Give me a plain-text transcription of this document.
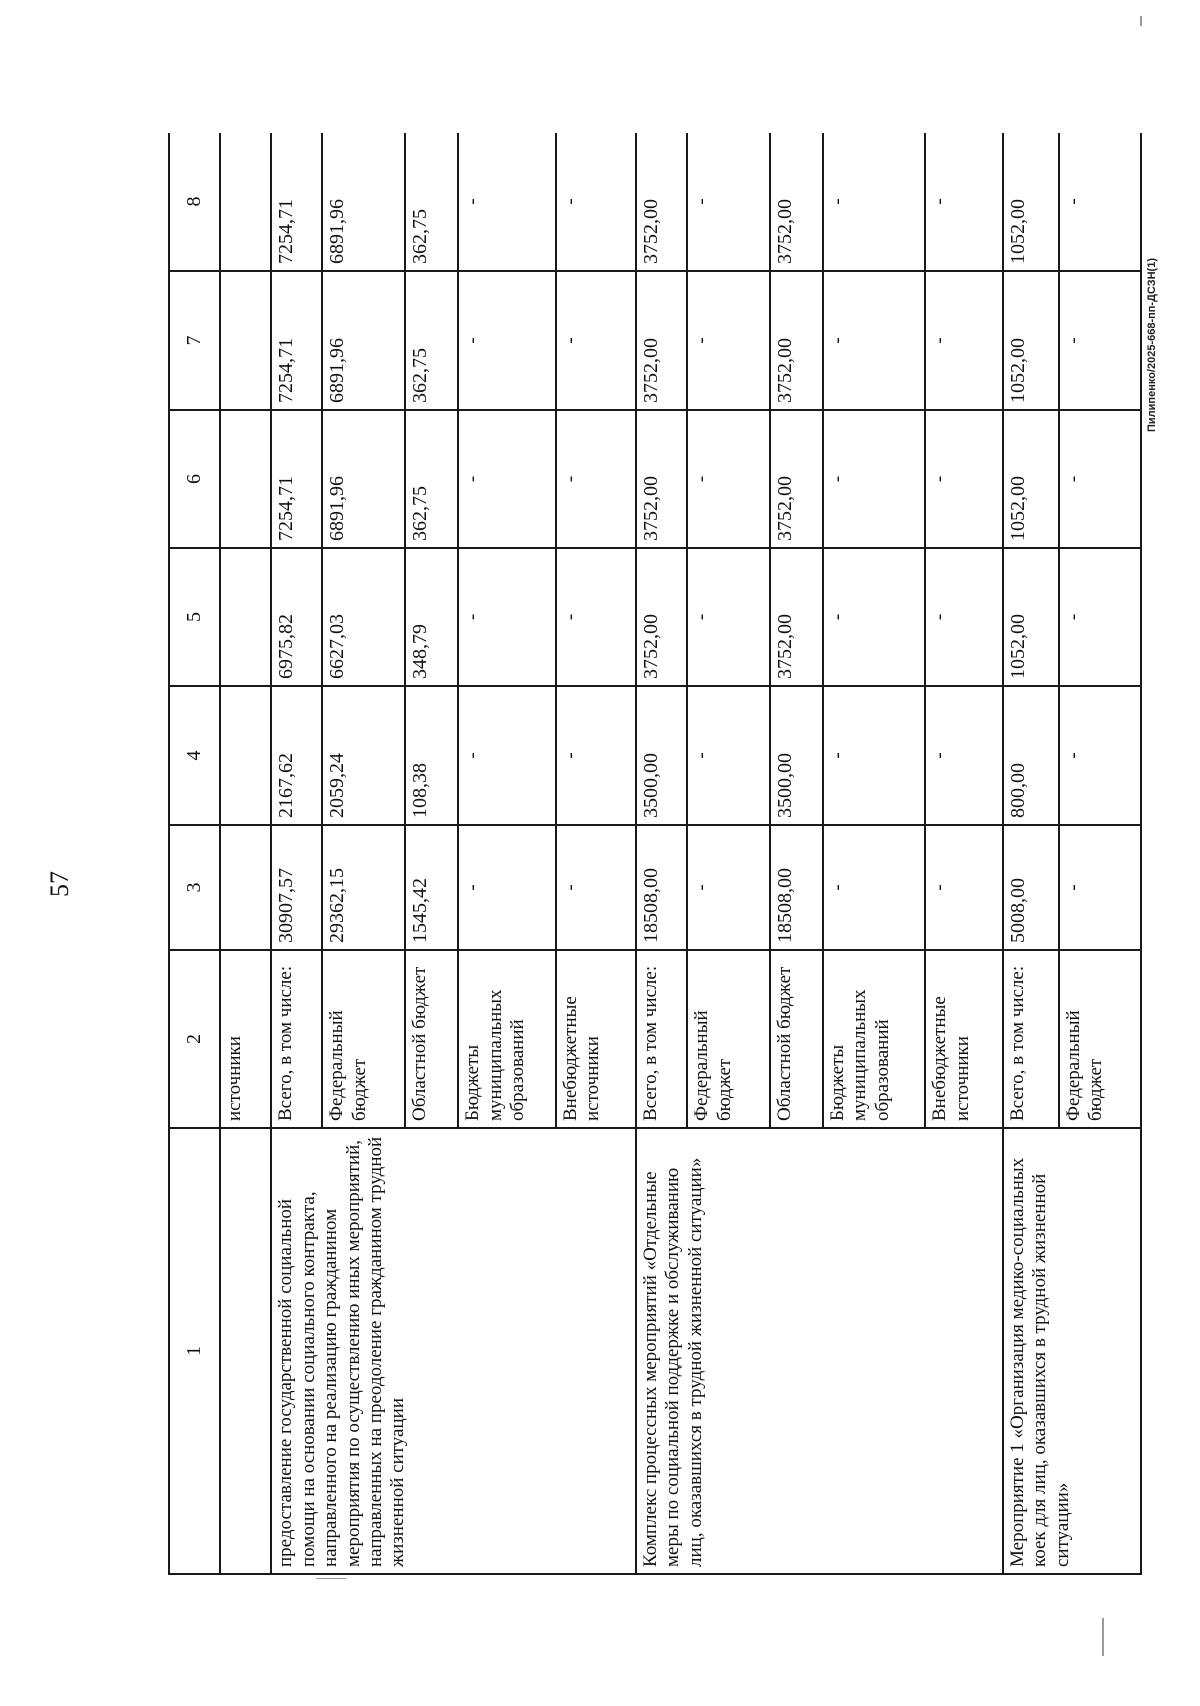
57
Пилипенко/2025-668-пп-ДСЗН(1)
1	2	3	4	5	6	7	8
	источники						
предоставление государственной социальной помощи на основании социального контракта, направленного на реализацию гражданином мероприятия по осуществлению иных мероприятий, направленных на преодоление гражданином трудной жизненной ситуации	Всего, в том числе:	30907,57	2167,62	6975,82	7254,71	7254,71	7254,71
	Федеральный бюджет	29362,15	2059,24	6627,03	6891,96	6891,96	6891,96
	Областной бюджет	1545,42	108,38	348,79	362,75	362,75	362,75
	Бюджеты муниципальных образований	-	-	-	-	-	-
	Внебюджетные источники	-	-	-	-	-	-
Комплекс процессных мероприятий «Отдельные меры по социальной поддержке и обслуживанию лиц, оказавшихся в трудной жизненной ситуации»	Всего, в том числе:	18508,00	3500,00	3752,00	3752,00	3752,00	3752,00
	Федеральный бюджет	-	-	-	-	-	-
	Областной бюджет	18508,00	3500,00	3752,00	3752,00	3752,00	3752,00
	Бюджеты муниципальных образований	-	-	-	-	-	-
	Внебюджетные источники	-	-	-	-	-	-
Мероприятие 1 «Организация медико-социальных коек для лиц, оказавшихся в трудной жизненной ситуации»	Всего, в том числе:	5008,00	800,00	1052,00	1052,00	1052,00	1052,00
	Федеральный бюджет	-	-	-	-	-	-
